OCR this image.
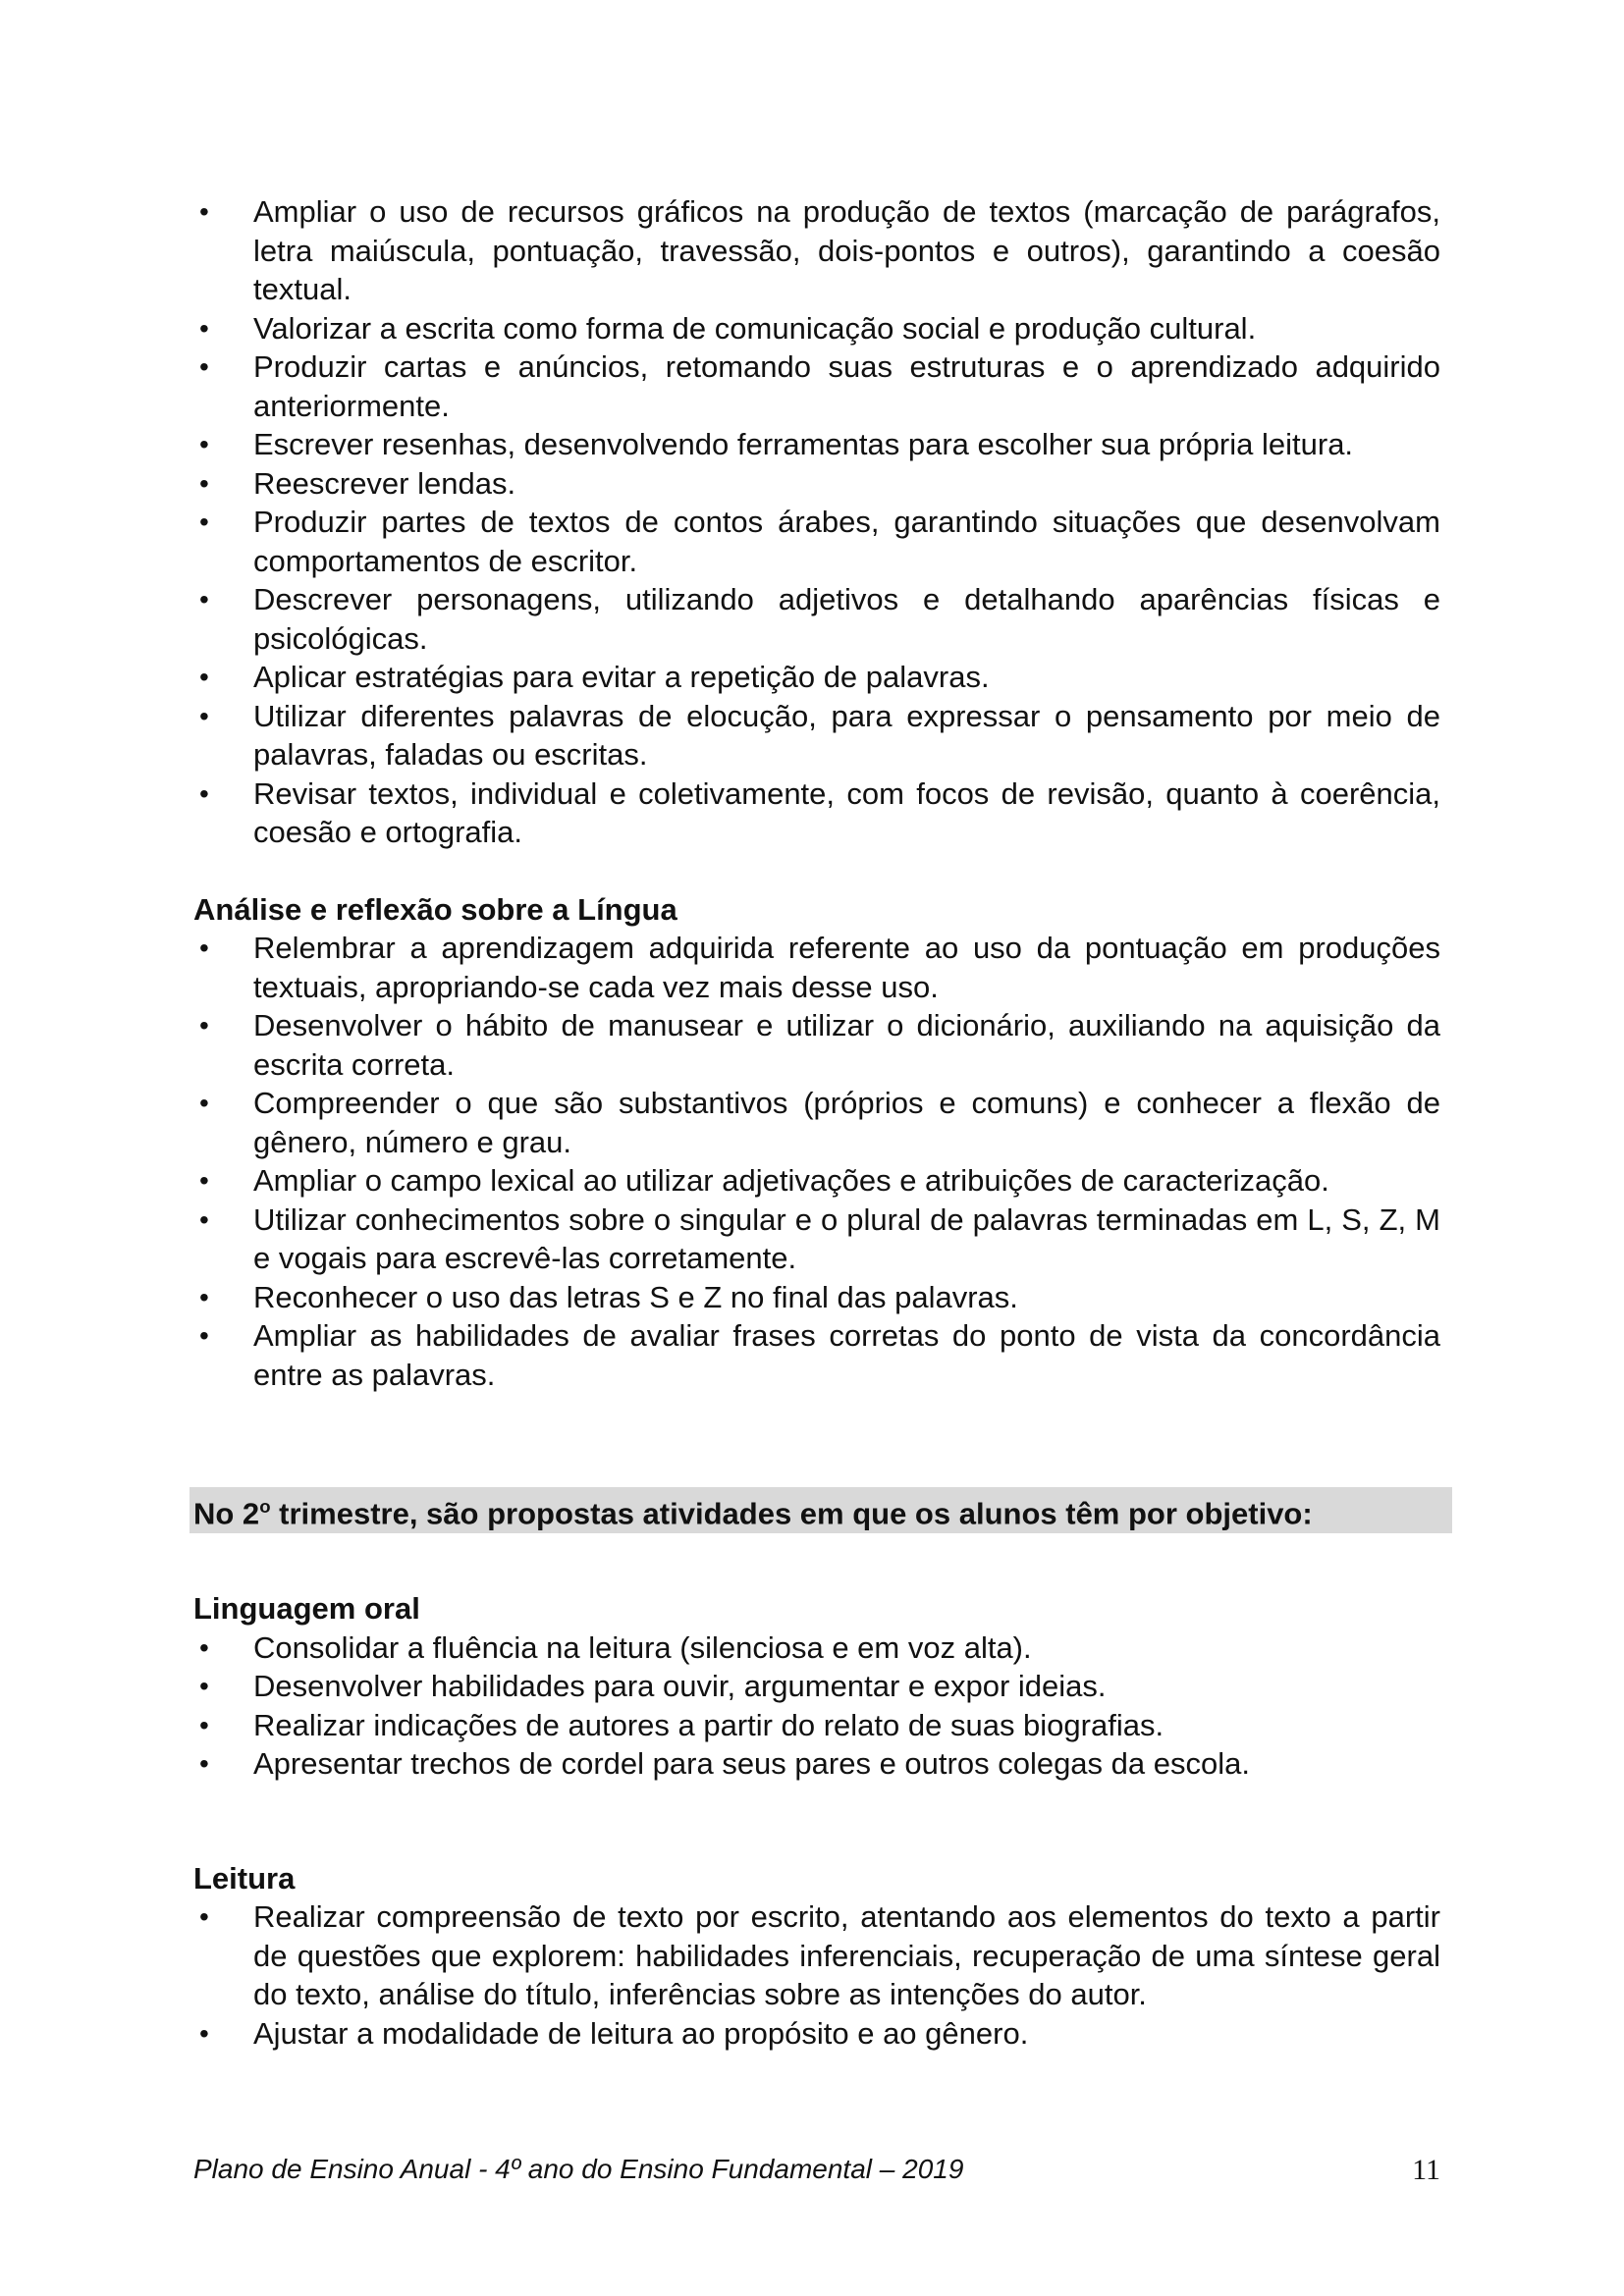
• Ampliar o uso de recursos gráficos na produção de textos (marcação de parágrafos, letra maiúscula, pontuação, travessão, dois-pontos e outros), garantindo a coesão textual.
• Valorizar a escrita como forma de comunicação social e produção cultural.
• Produzir cartas e anúncios, retomando suas estruturas e o aprendizado adquirido anteriormente.
• Escrever resenhas, desenvolvendo ferramentas para escolher sua própria leitura.
• Reescrever lendas.
• Produzir partes de textos de contos árabes, garantindo situações que desenvolvam comportamentos de escritor.
• Descrever personagens, utilizando adjetivos e detalhando aparências físicas e psicológicas.
• Aplicar estratégias para evitar a repetição de palavras.
• Utilizar diferentes palavras de elocução, para expressar o pensamento por meio de palavras, faladas ou escritas.
• Revisar textos, individual e coletivamente, com focos de revisão, quanto à coerência, coesão e ortografia.

Análise e reflexão sobre a Língua

• Relembrar a aprendizagem adquirida referente ao uso da pontuação em produções textuais, apropriando-se cada vez mais desse uso.
• Desenvolver o hábito de manusear e utilizar o dicionário, auxiliando na aquisição da escrita correta.
• Compreender o que são substantivos (próprios e comuns) e conhecer a flexão de gênero, número e grau.
• Ampliar o campo lexical ao utilizar adjetivações e atribuições de caracterização.
• Utilizar conhecimentos sobre o singular e o plural de palavras terminadas em L, S, Z, M e vogais para escrevê-las corretamente.
• Reconhecer o uso das letras S e Z no final das palavras.
• Ampliar as habilidades de avaliar frases corretas do ponto de vista da concordância entre as palavras.
No 2$^o$ trimestre, são propostas atividades em que os alunos têm por objetivo:

Linguagem oral

• Consolidar a fluência na leitura (silenciosa e em voz alta).
• Desenvolver habilidades para ouvir, argumentar e expor ideias.
• Realizar indicações de autores a partir do relato de suas biografias.
• Apresentar trechos de cordel para seus pares e outros colegas da escola.

Leitura

• Realizar compreensão de texto por escrito, atentando aos elementos do texto a partir de questões que explorem: habilidades inferenciais, recuperação de uma síntese geral do texto, análise do título, inferências sobre as intenções do autor.
• Ajustar a modalidade de leitura ao propósito e ao gênero.
Plano de Ensino Anual - 4º ano do Ensino Fundamental – 2019	11
